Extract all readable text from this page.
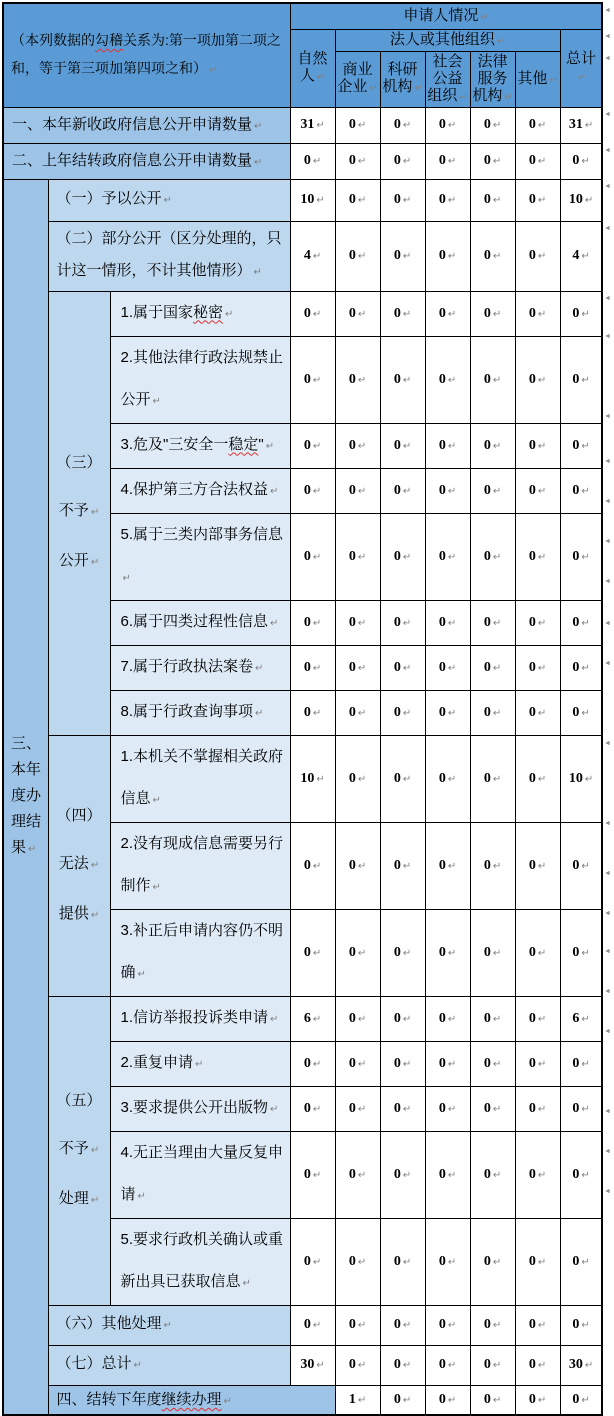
（本列数据的勾稽关系为:第一项加第二项之和，等于第三项加第四项之和） ↵			申请人情况 ↵							
			自然人 ↵	法人或其他组织 ↵					总计↵	
				商业企业 ↵	科研机构 ↵	社会公益组织 ↵	法律服务机构 ↵	其他 ↵		
一、本年新收政府信息公开申请数量 ↵			31 ↵	0 ↵	0 ↵	0 ↵	0 ↵	0 ↵	31 ↵	
二、上年结转政府信息公开申请数量 ↵			0 ↵	0 ↵	0 ↵	0 ↵	0 ↵	0 ↵	0 ↵	
三、本年度办理结果 ↵	（一）予以公开 ↵		10 ↵	0 ↵	0 ↵	0 ↵	0 ↵	0 ↵	10 ↵	
	（二）部分公开（区分处理的，只计这一情形，不计其他情形） ↵		4 ↵	0 ↵	0 ↵	0 ↵	0 ↵	0 ↵	4 ↵	
	（三）
不予 ↵
公开 ↵	1.属于国家秘密 ↵	0 ↵	0 ↵	0 ↵	0 ↵	0 ↵	0 ↵	0 ↵	
		2.其他法律行政法规禁止公开 ↵	0 ↵	0 ↵	0 ↵	0 ↵	0 ↵	0 ↵	0 ↵	
		3.危及"三安全一稳定" ↵	0 ↵	0 ↵	0 ↵	0 ↵	0 ↵	0 ↵	0 ↵	
		4.保护第三方合法权益 ↵	0 ↵	0 ↵	0 ↵	0 ↵	0 ↵	0 ↵	0 ↵	
		5.属于三类内部事务信息↵	0 ↵	0 ↵	0 ↵	0 ↵	0 ↵	0 ↵	0 ↵	
		6.属于四类过程性信息 ↵	0 ↵	0 ↵	0 ↵	0 ↵	0 ↵	0 ↵	0 ↵	
		7.属于行政执法案卷 ↵	0 ↵	0 ↵	0 ↵	0 ↵	0 ↵	0 ↵	0 ↵	
		8.属于行政查询事项 ↵	0 ↵	0 ↵	0 ↵	0 ↵	0 ↵	0 ↵	0 ↵	
	（四）
无法 ↵
提供 ↵	1.本机关不掌握相关政府信息 ↵	10 ↵	0 ↵	0 ↵	0 ↵	0 ↵	0 ↵	10 ↵	
		2.没有现成信息需要另行制作 ↵	0 ↵	0 ↵	0 ↵	0 ↵	0 ↵	0 ↵	0 ↵	
		3.补正后申请内容仍不明确 ↵	0 ↵	0 ↵	0 ↵	0 ↵	0 ↵	0 ↵	0 ↵	
	（五）
不予 ↵
处理 ↵	1.信访举报投诉类申请 ↵	6 ↵	0 ↵	0 ↵	0 ↵	0 ↵	0 ↵	6 ↵	
		2.重复申请 ↵	0 ↵	0 ↵	0 ↵	0 ↵	0 ↵	0 ↵	0 ↵	
		3.要求提供公开出版物 ↵	0 ↵	0 ↵	0 ↵	0 ↵	0 ↵	0 ↵	0 ↵	
		4.无正当理由大量反复申请 ↵	0 ↵	0 ↵	0 ↵	0 ↵	0 ↵	0 ↵	0 ↵	
		5.要求行政机关确认或重新出具已获取信息 ↵	0 ↵	0 ↵	0 ↵	0 ↵	0 ↵	0 ↵	0 ↵	
	（六）其他处理 ↵		0 ↵	0 ↵	0 ↵	0 ↵	0 ↵	0 ↵	0 ↵	
	（七）总计 ↵		30 ↵	0 ↵	0 ↵	0 ↵	0 ↵	0 ↵	30 ↵	
	四、结转下年度继续办理 ↵			1 ↵	0 ↵	0 ↵	0 ↵	0 ↵	0 ↵	
◄
◄
◄
◄
◄
◄
◄
◄
◄
◄
◄
◄
◄
◄
◄
◄
◄
◄
◄
◄
◄
◄
◄
◄
◄
◄
